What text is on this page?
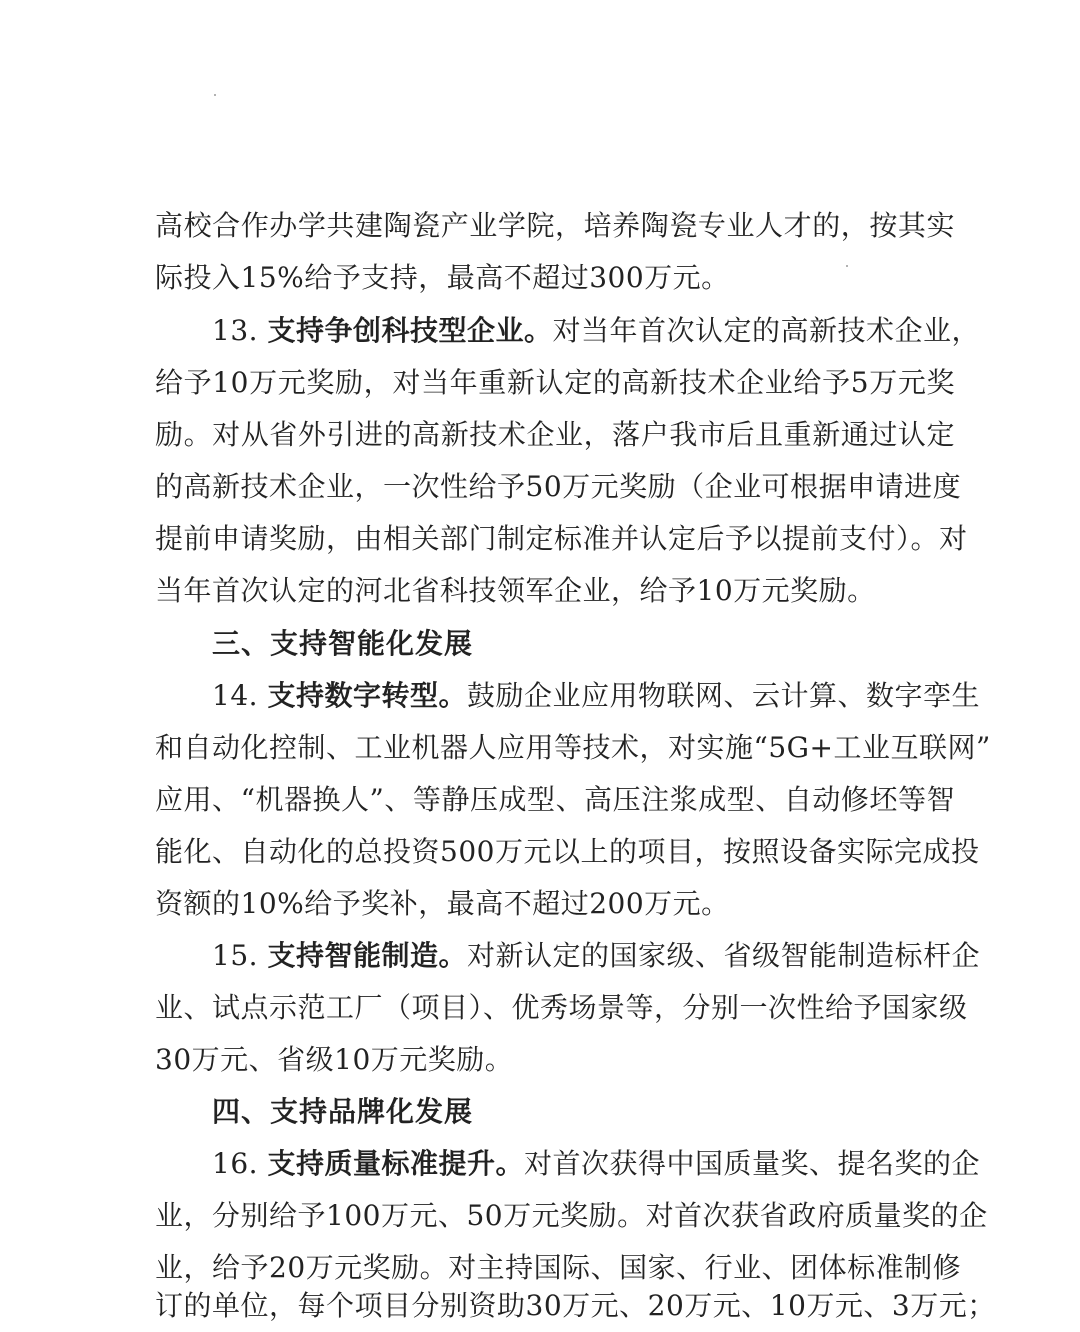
高校合作办学共建陶瓷产业学院，培养陶瓷专业人才的，按其实
际投入15%给予支持，最高不超过300万元。
13. 支持争创科技型企业。对当年首次认定的高新技术企业，
给予10万元奖励，对当年重新认定的高新技术企业给予5万元奖
励。对从省外引进的高新技术企业，落户我市后且重新通过认定
的高新技术企业，一次性给予50万元奖励（企业可根据申请进度
提前申请奖励，由相关部门制定标准并认定后予以提前支付）。对
当年首次认定的河北省科技领军企业，给予10万元奖励。
三、支持智能化发展
14. 支持数字转型。鼓励企业应用物联网、云计算、数字孪生
和自动化控制、工业机器人应用等技术，对实施“5G+工业互联网”
应用、“机器换人”、等静压成型、高压注浆成型、自动修坯等智
能化、自动化的总投资500万元以上的项目，按照设备实际完成投
资额的10%给予奖补，最高不超过200万元。
15. 支持智能制造。对新认定的国家级、省级智能制造标杆企
业、试点示范工厂（项目）、优秀场景等，分别一次性给予国家级
30万元、省级10万元奖励。
四、支持品牌化发展
16. 支持质量标准提升。对首次获得中国质量奖、提名奖的企
业，分别给予100万元、50万元奖励。对首次获省政府质量奖的企
业，给予20万元奖励。对主持国际、国家、行业、团体标准制修
订的单位，每个项目分别资助30万元、20万元、10万元、3万元；
